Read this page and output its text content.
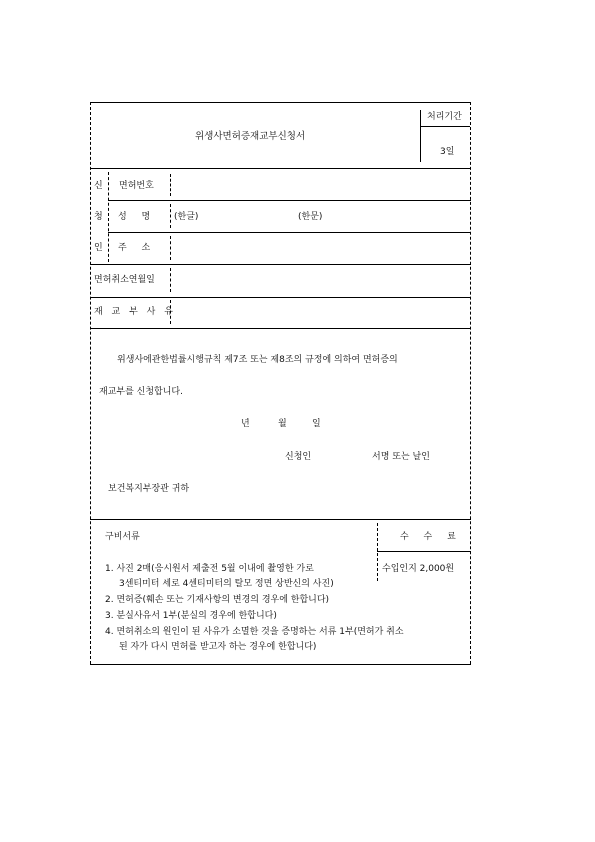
위생사면허증재교부신청서
처리기간
3일
신
청
인
면허번호
성 명 (한글)	(한문)
주 소
면허취소연월일
재 교 부 사 유
위생사에관한법률시행규칙 제7조 또는 제8조의 규정에 의하여 면허증의
재교부를 신청합니다.
년	월	일
신청인	서명 또는 날인
보건복지부장관 귀하
구비서류	수 수 료
수입인지 2,000원
1. 사진 2매(응시원서 제출전 5월 이내에 촬영한 가로
3센티미터 세로 4센티미터의 탈모 정면 상반신의 사진)
2. 면허증(훼손 또는 기재사항의 변경의 경우에 한합니다)
3. 분실사유서 1부(분실의 경우에 한합니다)
4. 면허취소의 원인이 된 사유가 소멸한 것을 증명하는 서류 1부(면허가 취소
된 자가 다시 면허를 받고자 하는 경우에 한합니다)
